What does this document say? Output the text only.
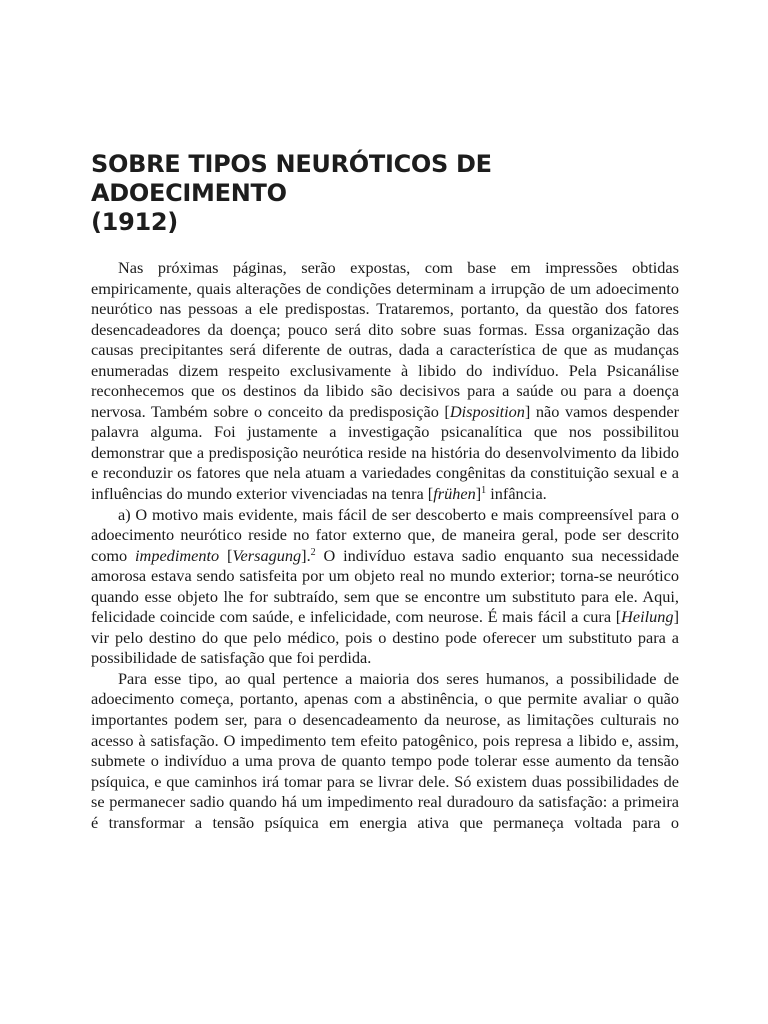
SOBRE TIPOS NEURÓTICOS DE ADOECIMENTO
(1912)

Nas próximas páginas, serão expostas, com base em impressões obtidas empiricamente, quais alterações de condições determinam a irrupção de um adoecimento neurótico nas pessoas a ele predispostas. Trataremos, portanto, da questão dos fatores desencadeadores da doença; pouco será dito sobre suas formas. Essa organização das causas precipitantes será diferente de outras, dada a característica de que as mudanças enumeradas dizem respeito exclusivamente à libido do indivíduo. Pela Psicanálise reconhecemos que os destinos da libido são decisivos para a saúde ou para a doença nervosa. Também sobre o conceito da predisposição [Disposition] não vamos despender palavra alguma. Foi justamente a investigação psicanalítica que nos possibilitou demonstrar que a predisposição neurótica reside na história do desenvolvimento da libido e reconduzir os fatores que nela atuam a variedades congênitas da constituição sexual e a influências do mundo exterior vivenciadas na tenra [frühen]$^1$ infância.

a) O motivo mais evidente, mais fácil de ser descoberto e mais compreensível para o adoecimento neurótico reside no fator externo que, de maneira geral, pode ser descrito como impedimento [Versagung].$^2$ O indivíduo estava sadio enquanto sua necessidade amorosa estava sendo satisfeita por um objeto real no mundo exterior; torna-se neurótico quando esse objeto lhe for subtraído, sem que se encontre um substituto para ele. Aqui, felicidade coincide com saúde, e infelicidade, com neurose. É mais fácil a cura [Heilung] vir pelo destino do que pelo médico, pois o destino pode oferecer um substituto para a possibilidade de satisfação que foi perdida.

Para esse tipo, ao qual pertence a maioria dos seres humanos, a possibilidade de adoecimento começa, portanto, apenas com a abstinência, o que permite avaliar o quão importantes podem ser, para o desencadeamento da neurose, as limitações culturais no acesso à satisfação. O impedimento tem efeito patogênico, pois represa a libido e, assim, submete o indivíduo a uma prova de quanto tempo pode tolerar esse aumento da tensão psíquica, e que caminhos irá tomar para se livrar dele. Só existem duas possibilidades de se permanecer sadio quando há um impedimento real duradouro da satisfação: a primeira é transformar a tensão psíquica em energia ativa que permaneça voltada para o
